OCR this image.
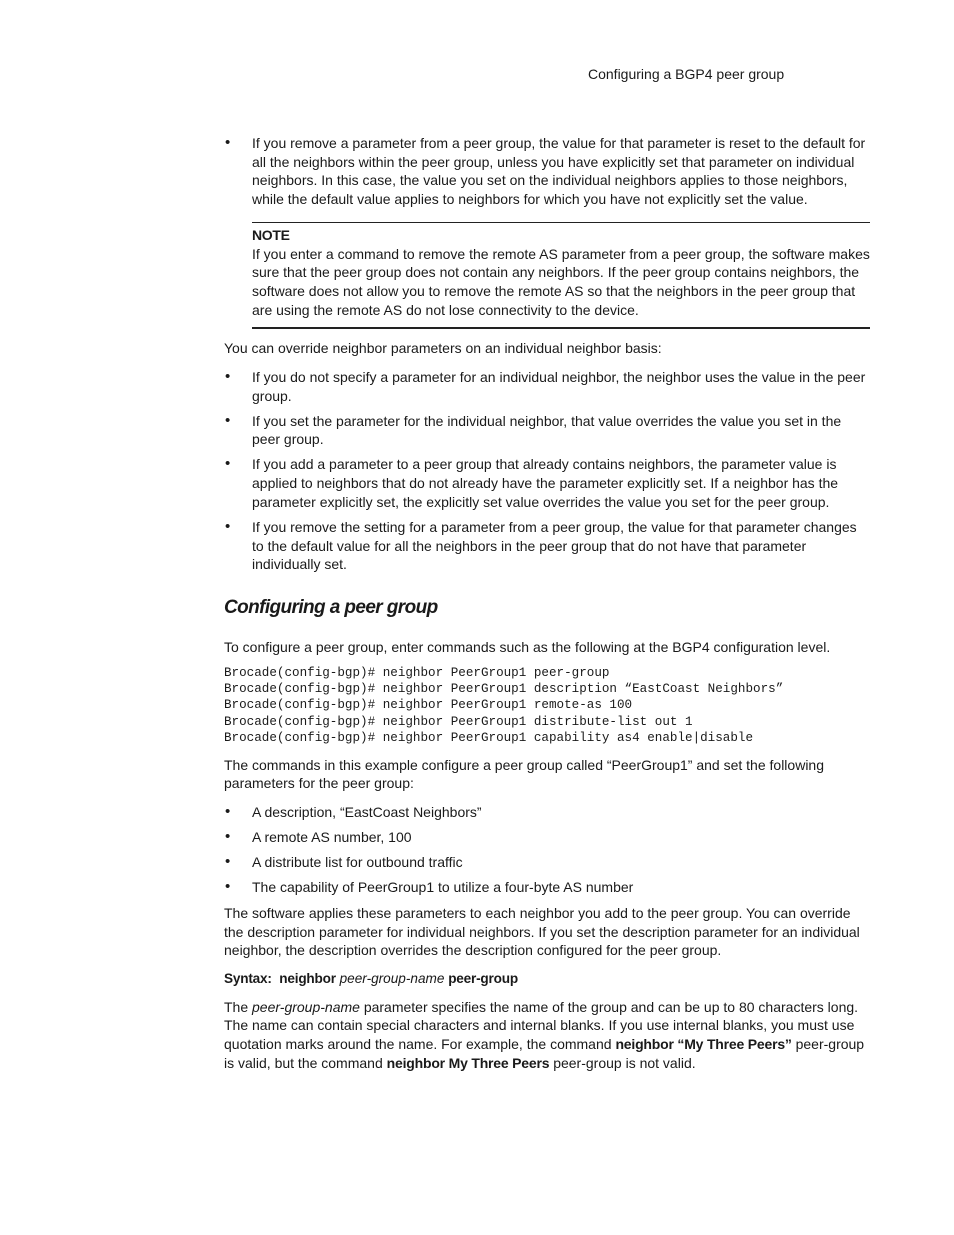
Configuring a BGP4 peer group
• If you remove a parameter from a peer group, the value for that parameter is reset to the default for all the neighbors within the peer group, unless you have explicitly set that parameter on individual neighbors. In this case, the value you set on the individual neighbors applies to those neighbors, while the default value applies to neighbors for which you have not explicitly set the value.
NOTE
If you enter a command to remove the remote AS parameter from a peer group, the software makes sure that the peer group does not contain any neighbors. If the peer group contains neighbors, the software does not allow you to remove the remote AS so that the neighbors in the peer group that are using the remote AS do not lose connectivity to the device.

You can override neighbor parameters on an individual neighbor basis:

• If you do not specify a parameter for an individual neighbor, the neighbor uses the value in the peer group.
• If you set the parameter for the individual neighbor, that value overrides the value you set in the peer group.
• If you add a parameter to a peer group that already contains neighbors, the parameter value is applied to neighbors that do not already have the parameter explicitly set. If a neighbor has the parameter explicitly set, the explicitly set value overrides the value you set for the peer group.
• If you remove the setting for a parameter from a peer group, the value for that parameter changes to the default value for all the neighbors in the peer group that do not have that parameter individually set.
Configuring a peer group

To configure a peer group, enter commands such as the following at the BGP4 configuration level.

Brocade(config-bgp)# neighbor PeerGroup1 peer-group
Brocade(config-bgp)# neighbor PeerGroup1 description “EastCoast Neighbors”
Brocade(config-bgp)# neighbor PeerGroup1 remote-as 100
Brocade(config-bgp)# neighbor PeerGroup1 distribute-list out 1
Brocade(config-bgp)# neighbor PeerGroup1 capability as4 enable|disable

The commands in this example configure a peer group called “PeerGroup1” and set the following parameters for the peer group:

• A description, “EastCoast Neighbors”
• A remote AS number, 100
• A distribute list for outbound traffic
• The capability of PeerGroup1 to utilize a four-byte AS number

The software applies these parameters to each neighbor you add to the peer group. You can override the description parameter for individual neighbors. If you set the description parameter for an individual neighbor, the description overrides the description configured for the peer group.

Syntax: neighbor peer-group-name peer-group

The peer-group-name parameter specifies the name of the group and can be up to 80 characters long. The name can contain special characters and internal blanks. If you use internal blanks, you must use quotation marks around the name. For example, the command neighbor “My Three Peers” peer-group is valid, but the command neighbor My Three Peers peer-group is not valid.
